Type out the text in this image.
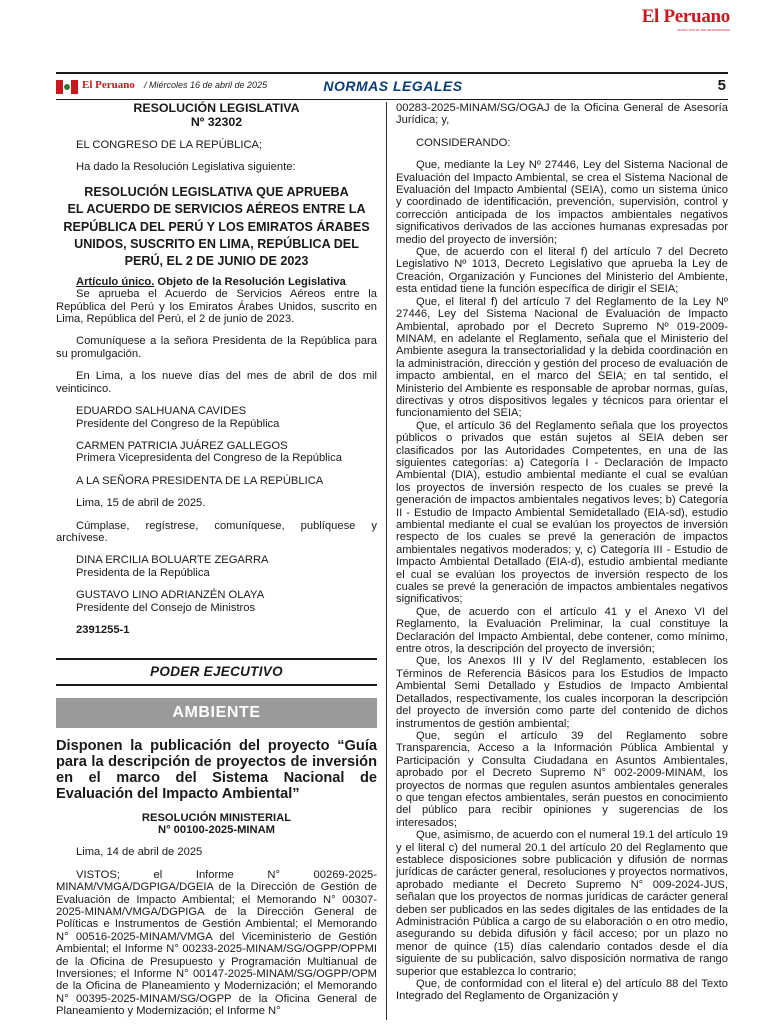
El Peruano
DIARIO OFICIAL DEL BICENTENARIO
El Peruano / Miércoles 16 de abril de 2025	NORMAS LEGALES	5

RESOLUCIÓN LEGISLATIVA

Nº 32302

EL CONGRESO DE LA REPÚBLICA;

Ha dado la Resolución Legislativa siguiente:

RESOLUCIÓN LEGISLATIVA QUE APRUEBA
EL ACUERDO DE SERVICIOS AÉREOS ENTRE LA
REPÚBLICA DEL PERÚ Y LOS EMIRATOS ÁRABES
UNIDOS, SUSCRITO EN LIMA, REPÚBLICA DEL
PERÚ, EL 2 DE JUNIO DE 2023

Artículo único. Objeto de la Resolución Legislativa

Se aprueba el Acuerdo de Servicios Aéreos entre la República del Perú y los Emiratos Árabes Unidos, suscrito en Lima, República del Perú, el 2 de junio de 2023.

Comuníquese a la señora Presidenta de la República para su promulgación.

En Lima, a los nueve días del mes de abril de dos mil veinticinco.

EDUARDO SALHUANA CAVIDES

Presidente del Congreso de la República

CARMEN PATRICIA JUÁREZ GALLEGOS

Primera Vicepresidenta del Congreso de la República

A LA SEÑORA PRESIDENTA DE LA REPÚBLICA

Lima, 15 de abril de 2025.

Cúmplase, regístrese, comuníquese, publíquese y archívese.

DINA ERCILIA BOLUARTE ZEGARRA

Presidenta de la República

GUSTAVO LINO ADRIANZÉN OLAYA

Presidente del Consejo de Ministros

2391255-1

PODER EJECUTIVO
AMBIENTE

Disponen la publicación del proyecto “Guía para la descripción de proyectos de inversión en el marco del Sistema Nacional de Evaluación del Impacto Ambiental”

RESOLUCIÓN MINISTERIAL

N° 00100-2025-MINAM

Lima, 14 de abril de 2025

VISTOS; el Informe N° 00269-2025-MINAM/VMGA/DGPIGA/DGEIA de la Dirección de Gestión de Evaluación de Impacto Ambiental; el Memorando N° 00307-2025-MINAM/VMGA/DGPIGA de la Dirección General de Políticas e Instrumentos de Gestión Ambiental; el Memorando N° 00516-2025-MINAM/VMGA del Viceministerio de Gestión Ambiental; el Informe N° 00233-2025-MINAM/SG/OGPP/OPPMI de la Oficina de Presupuesto y Programación Multianual de Inversiones; el Informe N° 00147-2025-MINAM/SG/OGPP/OPM de la Oficina de Planeamiento y Modernización; el Memorando N° 00395-2025-MINAM/SG/OGPP de la Oficina General de Planeamiento y Modernización; el Informe N°

00283-2025-MINAM/SG/OGAJ de la Oficina General de Asesoría Jurídica; y,

CONSIDERANDO:

Que, mediante la Ley Nº 27446, Ley del Sistema Nacional de Evaluación del Impacto Ambiental, se crea el Sistema Nacional de Evaluación del Impacto Ambiental (SEIA), como un sistema único y coordinado de identificación, prevención, supervisión, control y corrección anticipada de los impactos ambientales negativos significativos derivados de las acciones humanas expresadas por medio del proyecto de inversión;

Que, de acuerdo con el literal f) del artículo 7 del Decreto Legislativo Nº 1013, Decreto Legislativo que aprueba la Ley de Creación, Organización y Funciones del Ministerio del Ambiente, esta entidad tiene la función específica de dirigir el SEIA;

Que, el literal f) del artículo 7 del Reglamento de la Ley Nº 27446, Ley del Sistema Nacional de Evaluación de Impacto Ambiental, aprobado por el Decreto Supremo Nº 019-2009-MINAM, en adelante el Reglamento, señala que el Ministerio del Ambiente asegura la transectorialidad y la debida coordinación en la administración, dirección y gestión del proceso de evaluación de impacto ambiental, en el marco del SEIA; en tal sentido, el Ministerio del Ambiente es responsable de aprobar normas, guías, directivas y otros dispositivos legales y técnicos para orientar el funcionamiento del SEIA;

Que, el artículo 36 del Reglamento señala que los proyectos públicos o privados que están sujetos al SEIA deben ser clasificados por las Autoridades Competentes, en una de las siguientes categorías: a) Categoría I - Declaración de Impacto Ambiental (DIA), estudio ambiental mediante el cual se evalúan los proyectos de inversión respecto de los cuales se prevé la generación de impactos ambientales negativos leves; b) Categoría II - Estudio de Impacto Ambiental Semidetallado (EIA-sd), estudio ambiental mediante el cual se evalúan los proyectos de inversión respecto de los cuales se prevé la generación de impactos ambientales negativos moderados; y, c) Categoría III - Estudio de Impacto Ambiental Detallado (EIA-d), estudio ambiental mediante el cual se evalúan los proyectos de inversión respecto de los cuales se prevé la generación de impactos ambientales negativos significativos;

Que, de acuerdo con el artículo 41 y el Anexo VI del Reglamento, la Evaluación Preliminar, la cual constituye la Declaración del Impacto Ambiental, debe contener, como mínimo, entre otros, la descripción del proyecto de inversión;

Que, los Anexos III y IV del Reglamento, establecen los Términos de Referencia Básicos para los Estudios de Impacto Ambiental Semi Detallado y Estudios de Impacto Ambiental Detallados, respectivamente, los cuales incorporan la descripción del proyecto de inversión como parte del contenido de dichos instrumentos de gestión ambiental;

Que, según el artículo 39 del Reglamento sobre Transparencia, Acceso a la Información Pública Ambiental y Participación y Consulta Ciudadana en Asuntos Ambientales, aprobado por el Decreto Supremo N° 002-2009-MINAM, los proyectos de normas que regulen asuntos ambientales generales o que tengan efectos ambientales, serán puestos en conocimiento del público para recibir opiniones y sugerencias de los interesados;

Que, asimismo, de acuerdo con el numeral 19.1 del artículo 19 y el literal c) del numeral 20.1 del artículo 20 del Reglamento que establece disposiciones sobre publicación y difusión de normas jurídicas de carácter general, resoluciones y proyectos normativos, aprobado mediante el Decreto Supremo N° 009-2024-JUS, señalan que los proyectos de normas jurídicas de carácter general deben ser publicados en las sedes digitales de las entidades de la Administración Pública a cargo de su elaboración o en otro medio, asegurando su debida difusión y fácil acceso; por un plazo no menor de quince (15) días calendario contados desde el día siguiente de su publicación, salvo disposición normativa de rango superior que establezca lo contrario;

Que, de conformidad con el literal e) del artículo 88 del Texto Integrado del Reglamento de Organización y
